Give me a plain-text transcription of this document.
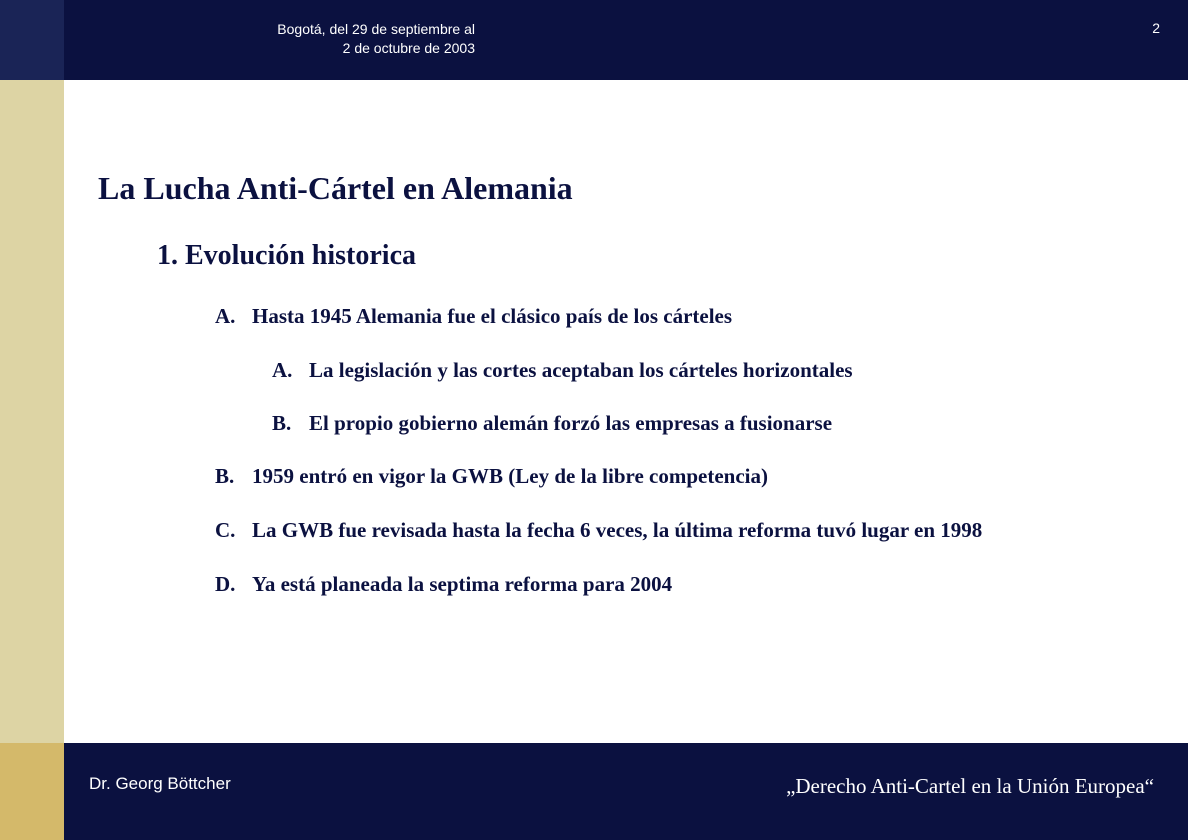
Bogotá, del 29 de septiembre al
2 de octubre de 2003
2
La Lucha Anti-Cártel en Alemania
1. Evolución historica
A. Hasta 1945 Alemania fue el clásico país de los cárteles
A. La legislación y las cortes aceptaban los cárteles horizontales
B. El propio gobierno alemán forzó las empresas a fusionarse
B. 1959 entró en vigor la GWB (Ley de la libre competencia)
C. La GWB fue revisada hasta la fecha 6 veces, la última reforma tuvó lugar en 1998
D. Ya está planeada la septima reforma para 2004
Dr. Georg Böttcher	„Derecho Anti-Cartel en la Unión Europea“
